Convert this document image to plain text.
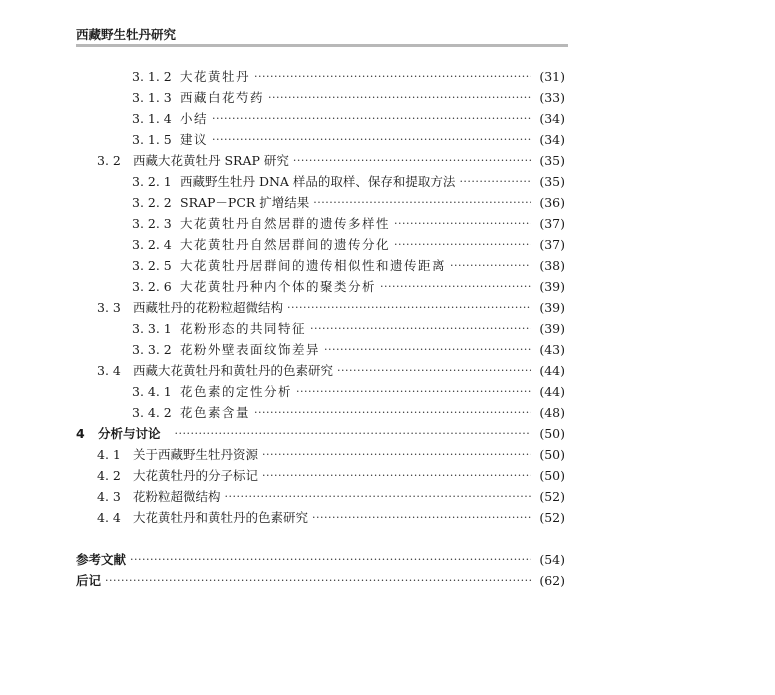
西藏野生牡丹研究
3. 1. 2 大花黄牡丹 ·····	(31)
3. 1. 3 西藏白花芍药 ·····	(33)
3. 1. 4 小结 ·····	(34)
3. 1. 5 建议 ·····	(34)
3. 2 西藏大花黄牡丹 SRAP 研究 ·····	(35)
3. 2. 1 西藏野生牡丹 DNA 样品的取样、保存和提取方法 ·····	(35)
3. 2. 2 SRAP－PCR 扩增结果 ·····	(36)
3. 2. 3 大花黄牡丹自然居群的遗传多样性 ·····	(37)
3. 2. 4 大花黄牡丹自然居群间的遗传分化 ·····	(37)
3. 2. 5 大花黄牡丹居群间的遗传相似性和遗传距离 ·····	(38)
3. 2. 6 大花黄牡丹种内个体的聚类分析 ·····	(39)
3. 3 西藏牡丹的花粉粒超微结构 ·····	(39)
3. 3. 1 花粉形态的共同特征 ·····	(39)
3. 3. 2 花粉外壁表面纹饰差异 ·····	(43)
3. 4 西藏大花黄牡丹和黄牡丹的色素研究 ·····	(44)
3. 4. 1 花色素的定性分析 ·····	(44)
3. 4. 2 花色素含量 ·····	(48)
4	分析与讨论 ·····	(50)
4. 1 关于西藏野生牡丹资源 ·····	(50)
4. 2 大花黄牡丹的分子标记 ·····	(50)
4. 3 花粉粒超微结构 ·····	(52)
4. 4 大花黄牡丹和黄牡丹的色素研究 ·····	(52)
参考文献 ·····	(54)
后记 ·····	(62)
